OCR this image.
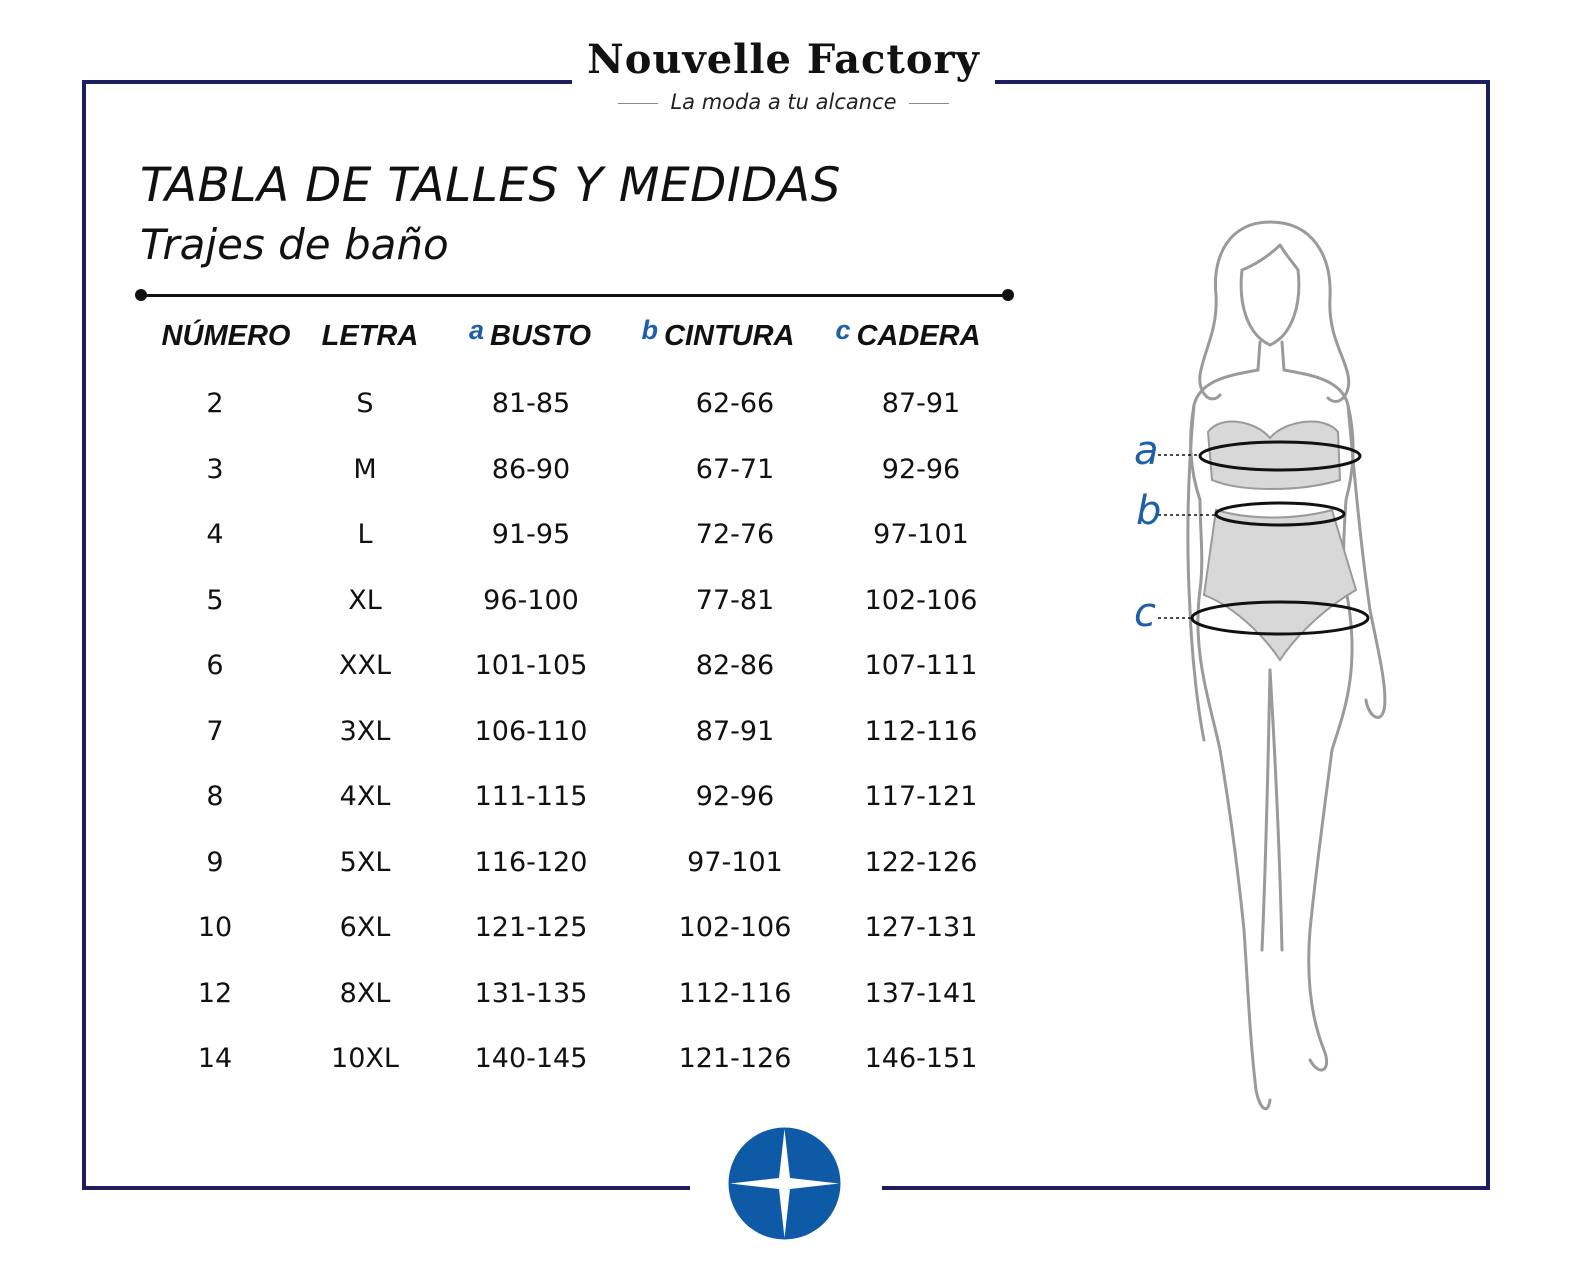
Nouvelle Factory
La moda a tu alcance
TABLA DE TALLES Y MEDIDAS
Trajes de baño
NÚMERO LETRA a BUSTO b CINTURA c CADERA
2	S	81-85	62-66	87-91
3	M	86-90	67-71	92-96
4	L	91-95	72-76	97-101
5	XL	96-100	77-81	102-106
6	XXL	101-105	82-86	107-111
7	3XL	106-110	87-91	112-116
8	4XL	111-115	92-96	117-121
9	5XL	116-120	97-101	122-126
10	6XL	121-125	102-106	127-131
12	8XL	131-135	112-116	137-141
14	10XL	140-145	121-126	146-151
a
b
c
